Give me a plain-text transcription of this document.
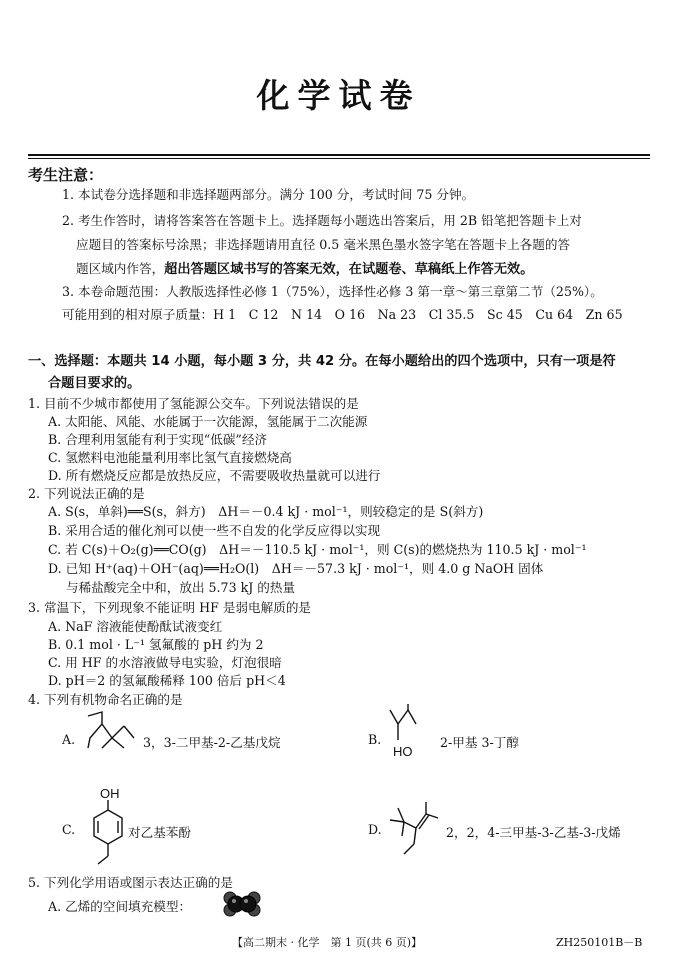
化学试卷
考生注意：
1. 本试卷分选择题和非选择题两部分。满分 100 分，考试时间 75 分钟。
2. 考生作答时，请将答案答在答题卡上。选择题每小题选出答案后，用 2B 铅笔把答题卡上对
应题目的答案标号涂黑；非选择题请用直径 0.5 毫米黑色墨水签字笔在答题卡上各题的答
题区域内作答，超出答题区域书写的答案无效，在试题卷、草稿纸上作答无效。
3. 本卷命题范围：人教版选择性必修 1（75%），选择性必修 3 第一章～第三章第二节（25%）。
可能用到的相对原子质量：H 1　C 12　N 14　O 16　Na 23　Cl 35.5　Sc 45　Cu 64　Zn 65
一、选择题：本题共 14 小题，每小题 3 分，共 42 分。在每小题给出的四个选项中，只有一项是符
合题目要求的。
1. 目前不少城市都使用了氢能源公交车。下列说法错误的是
A. 太阳能、风能、水能属于一次能源，氢能属于二次能源
B. 合理利用氢能有利于实现“低碳”经济
C. 氢燃料电池能量利用率比氢气直接燃烧高
D. 所有燃烧反应都是放热反应，不需要吸收热量就可以进行
2. 下列说法正确的是
A. S(s，单斜)══S(s，斜方)　ΔH＝－0.4 kJ · mol⁻¹，则较稳定的是 S(斜方)
B. 采用合适的催化剂可以使一些不自发的化学反应得以实现
C. 若 C(s)＋O₂(g)══CO(g)　ΔH＝－110.5 kJ · mol⁻¹，则 C(s)的燃烧热为 110.5 kJ · mol⁻¹
D. 已知 H⁺(aq)＋OH⁻(aq)══H₂O(l)　ΔH＝－57.3 kJ · mol⁻¹，则 4.0 g NaOH 固体
与稀盐酸完全中和，放出 5.73 kJ 的热量
3. 常温下，下列现象不能证明 HF 是弱电解质的是
A. NaF 溶液能使酚酞试液变红
B. 0.1 mol · L⁻¹ 氢氟酸的 pH 约为 2
C. 用 HF 的水溶液做导电实验，灯泡很暗
D. pH＝2 的氢氟酸稀释 100 倍后 pH＜4
4. 下列有机物命名正确的是
A.	3，3-二甲基-2-乙基戊烷	B.
HO
2-甲基 3-丁醇
OH
C.	对乙基苯酚	D.	2，2，4-三甲基-3-乙基-3-戊烯
5. 下列化学用语或图示表达正确的是
A. 乙烯的空间填充模型：
【高二期末 · 化学　第 1 页(共 6 页)】	ZH250101B－B
